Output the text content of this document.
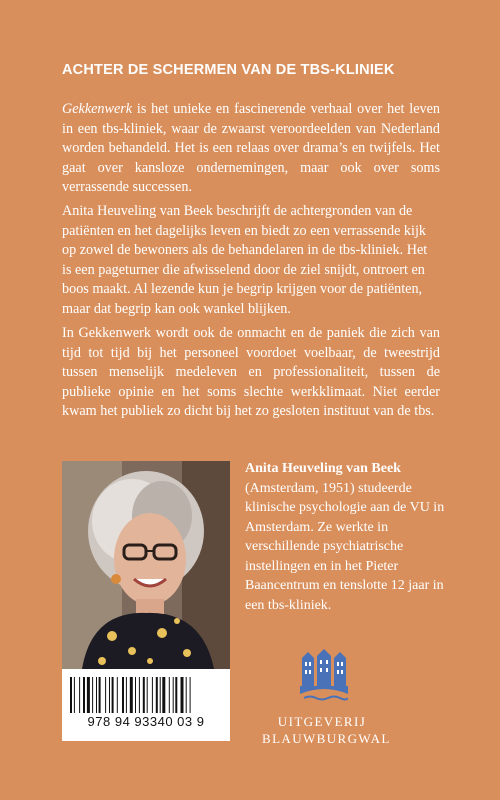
ACHTER DE SCHERMEN VAN DE TBS-KLINIEK

Gekkenwerk is het unieke en fascinerende verhaal over het leven in een tbs-kliniek, waar de zwaarst veroordeelden van Nederland worden behandeld. Het is een relaas over drama’s en twijfels. Het gaat over kansloze ondernemingen, maar ook over soms verrassende successen.

Anita Heuveling van Beek beschrijft de achtergronden van de patiënten en het dagelijks leven en biedt zo een verrassende kijk op zowel de bewoners als de behandelaren in de tbs-kliniek. Het is een pageturner die afwisselend door de ziel snijdt, ontroert en boos maakt. Al lezende kun je begrip krijgen voor de patiënten, maar dat begrip kan ook wankel blijken.

In Gekkenwerk wordt ook de onmacht en de paniek die zich van tijd tot tijd bij het personeel voordoet voelbaar, de tweestrijd tussen menselijk medeleven en professionaliteit, tussen de publieke opinie en het soms slechte werkklimaat. Niet eerder kwam het publiek zo dicht bij het zo gesloten instituut van de tbs.

978 94 93340 03 9

Anita Heuveling van Beek (Amsterdam, 1951) studeerde klinische psychologie aan de VU in Amsterdam. Ze werkte in verschillende psychiatrische instellingen en in het Pieter Baancentrum en tenslotte 12 jaar in een tbs-kliniek.

UITGEVERIJ
BLAUWBURGWAL
